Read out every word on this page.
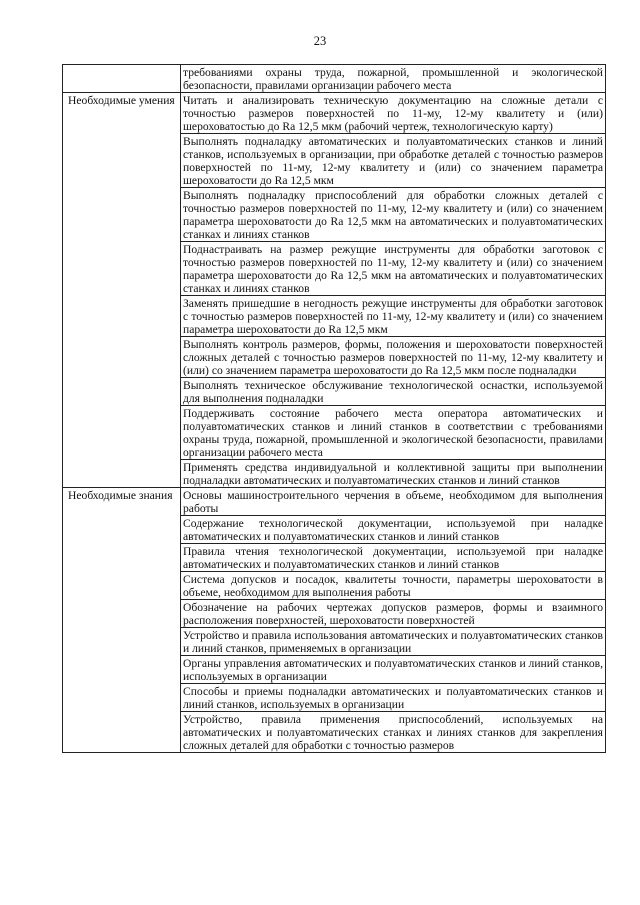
23
	требованиями охраны труда, пожарной, промышленной и экологической безопасности, правилами организации рабочего места
Необходимые умения	Читать и анализировать техническую документацию на сложные детали с точностью размеров поверхностей по 11-му, 12-му квалитету и (или) шероховатостью до Ra 12,5 мкм (рабочий чертеж, технологическую карту)
	Выполнять подналадку автоматических и полуавтоматических станков и линий станков, используемых в организации, при обработке деталей с точностью размеров поверхностей по 11-му, 12-му квалитету и (или) со значением параметра шероховатости до Ra 12,5 мкм
	Выполнять подналадку приспособлений для обработки сложных деталей с точностью размеров поверхностей по 11-му, 12-му квалитету и (или) со значением параметра шероховатости до Ra 12,5 мкм на автоматических и полуавтоматических станках и линиях станков
	Поднастраивать на размер режущие инструменты для обработки заготовок с точностью размеров поверхностей по 11-му, 12-му квалитету и (или) со значением параметра шероховатости до Ra 12,5 мкм на автоматических и полуавтоматических станках и линиях станков
	Заменять пришедшие в негодность режущие инструменты для обработки заготовок с точностью размеров поверхностей по 11-му, 12-му квалитету и (или) со значением параметра шероховатости до Ra 12,5 мкм
	Выполнять контроль размеров, формы, положения и шероховатости поверхностей сложных деталей с точностью размеров поверхностей по 11-му, 12-му квалитету и (или) со значением параметра шероховатости до Ra 12,5 мкм после подналадки
	Выполнять техническое обслуживание технологической оснастки, используемой для выполнения подналадки
	Поддерживать состояние рабочего места оператора автоматических и полуавтоматических станков и линий станков в соответствии с требованиями охраны труда, пожарной, промышленной и экологической безопасности, правилами организации рабочего места
	Применять средства индивидуальной и коллективной защиты при выполнении подналадки автоматических и полуавтоматических станков и линий станков
Необходимые знания	Основы машиностроительного черчения в объеме, необходимом для выполнения работы
	Содержание технологической документации, используемой при наладке автоматических и полуавтоматических станков и линий станков
	Правила чтения технологической документации, используемой при наладке автоматических и полуавтоматических станков и линий станков
	Система допусков и посадок, квалитеты точности, параметры шероховатости в объеме, необходимом для выполнения работы
	Обозначение на рабочих чертежах допусков размеров, формы и взаимного расположения поверхностей, шероховатости поверхностей
	Устройство и правила использования автоматических и полуавтоматических станков и линий станков, применяемых в организации
	Органы управления автоматических и полуавтоматических станков и линий станков, используемых в организации
	Способы и приемы подналадки автоматических и полуавтоматических станков и линий станков, используемых в организации
	Устройство, правила применения приспособлений, используемых на автоматических и полуавтоматических станках и линиях станков для закрепления сложных деталей для обработки с точностью размеров
